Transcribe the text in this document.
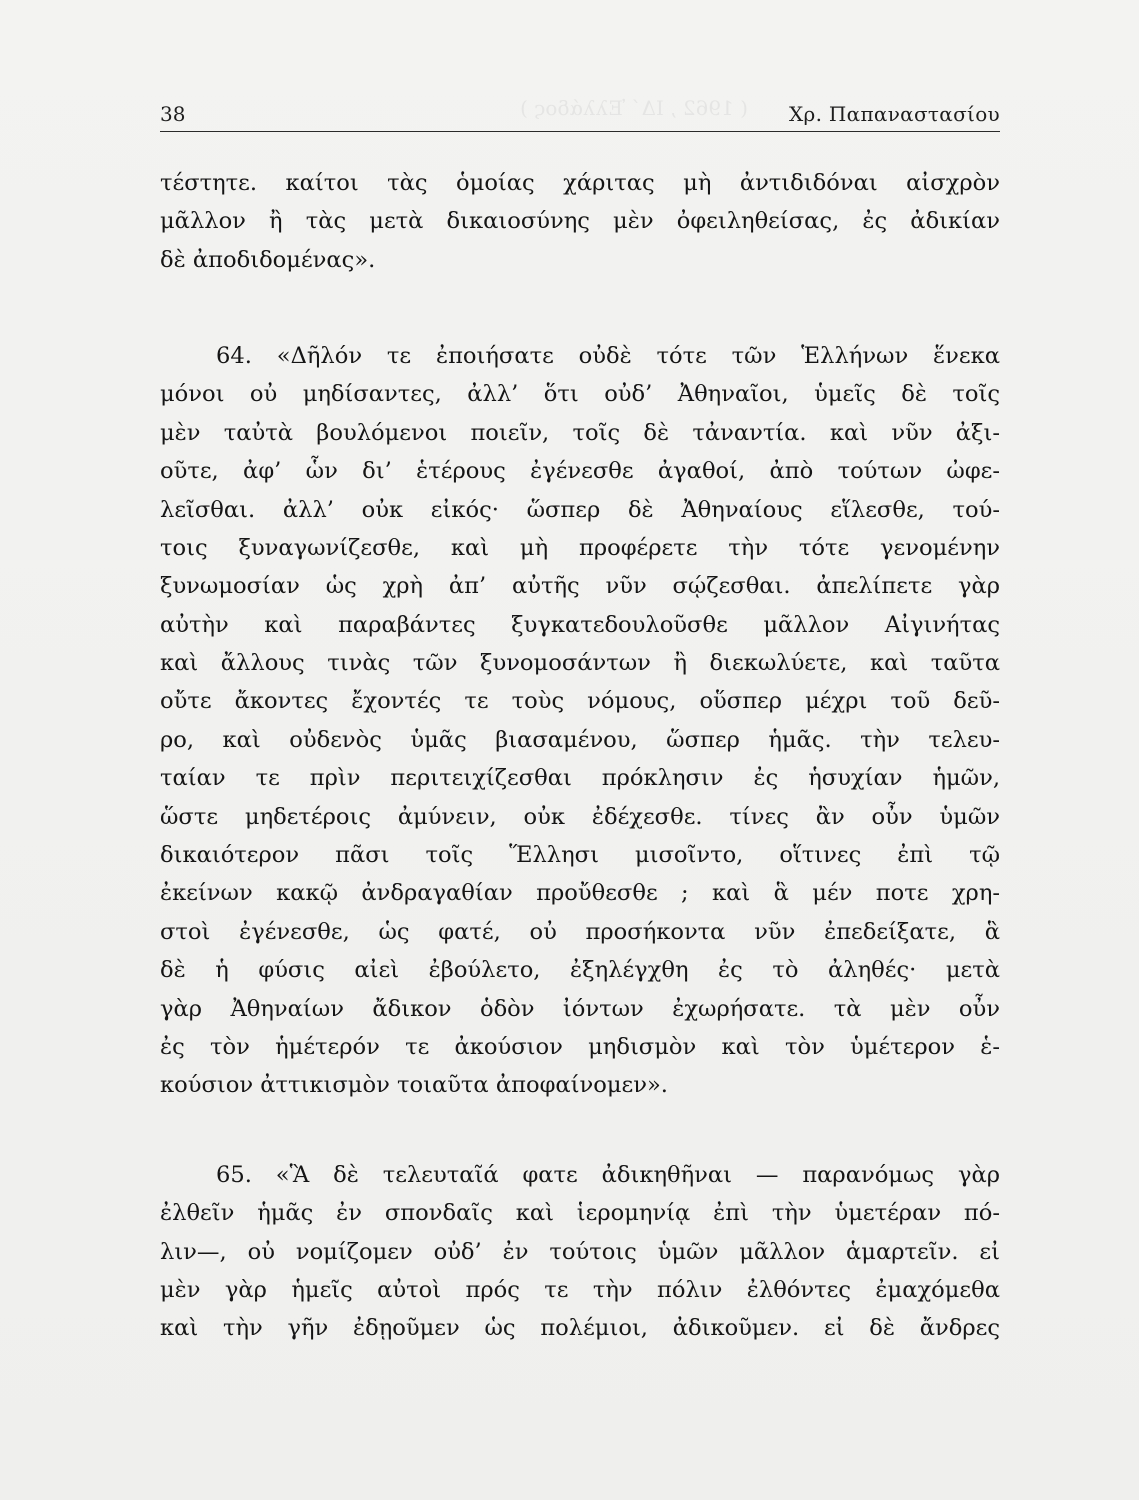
( 1962 , ΙΔ΄ Ἑλλάδος )
38	Χρ. Παπαναστασίου
τέστητε. καίτοι τὰς ὁμοίας χάριτας μὴ ἀντιδιδόναι αἰσχρὸν
μᾶλλον ἢ τὰς μετὰ δικαιοσύνης μὲν ὀφειληθείσας, ἐς ἀδικίαν
δὲ ἀποδιδομένας».
64. «Δῆλόν τε ἐποιήσατε οὐδὲ τότε τῶν Ἑλλήνων ἕνεκα
μόνοι οὐ μηδίσαντες, ἀλλ’ ὅτι οὐδ’ Ἀθηναῖοι, ὑμεῖς δὲ τοῖς
μὲν ταὐτὰ βουλόμενοι ποιεῖν, τοῖς δὲ τἀναντία. καὶ νῦν ἀξι-
οῦτε, ἀφ’ ὧν δι’ ἑτέρους ἐγένεσθε ἀγαθοί, ἀπὸ τούτων ὠφε-
λεῖσθαι. ἀλλ’ οὐκ εἰκός· ὥσπερ δὲ Ἀθηναίους εἵλεσθε, τού-
τοις ξυναγωνίζεσθε, καὶ μὴ προφέρετε τὴν τότε γενομένην
ξυνωμοσίαν ὡς χρὴ ἀπ’ αὐτῆς νῦν σῴζεσθαι. ἀπελίπετε γὰρ
αὐτὴν καὶ παραβάντες ξυγκατεδουλοῦσθε μᾶλλον Αἰγινήτας
καὶ ἄλλους τινὰς τῶν ξυνομοσάντων ἢ διεκωλύετε, καὶ ταῦτα
οὔτε ἄκοντες ἔχοντές τε τοὺς νόμους, οὕσπερ μέχρι τοῦ δεῦ-
ρο, καὶ οὐδενὸς ὑμᾶς βιασαμένου, ὥσπερ ἡμᾶς. τὴν τελευ-
ταίαν τε πρὶν περιτειχίζεσθαι πρόκλησιν ἐς ἡσυχίαν ἡμῶν,
ὥστε μηδετέροις ἀμύνειν, οὐκ ἐδέχεσθε. τίνες ἂν οὖν ὑμῶν
δικαιότερον πᾶσι τοῖς Ἕλλησι μισοῖντο, οἵτινες ἐπὶ τῷ
ἐκείνων κακῷ ἀνδραγαθίαν προὔθεσθε ; καὶ ἃ μέν ποτε χρη-
στοὶ ἐγένεσθε, ὡς φατέ, οὐ προσήκοντα νῦν ἐπεδείξατε, ἃ
δὲ ἡ φύσις αἰεὶ ἐβούλετο, ἐξηλέγχθη ἐς τὸ ἀληθές· μετὰ
γὰρ Ἀθηναίων ἄδικον ὁδὸν ἰόντων ἐχωρήσατε. τὰ μὲν οὖν
ἐς τὸν ἡμέτερόν τε ἀκούσιον μηδισμὸν καὶ τὸν ὑμέτερον ἑ-
κούσιον ἀττικισμὸν τοιαῦτα ἀποφαίνομεν».
65. «Ἃ δὲ τελευταῖά φατε ἀδικηθῆναι — παρανόμως γὰρ
ἐλθεῖν ἡμᾶς ἐν σπονδαῖς καὶ ἱερομηνίᾳ ἐπὶ τὴν ὑμετέραν πό-
λιν—, οὐ νομίζομεν οὐδ’ ἐν τούτοις ὑμῶν μᾶλλον ἁμαρτεῖν. εἰ
μὲν γὰρ ἡμεῖς αὐτοὶ πρός τε τὴν πόλιν ἐλθόντες ἐμαχόμεθα
καὶ τὴν γῆν ἐδῃοῦμεν ὡς πολέμιοι, ἀδικοῦμεν. εἰ δὲ ἄνδρες
